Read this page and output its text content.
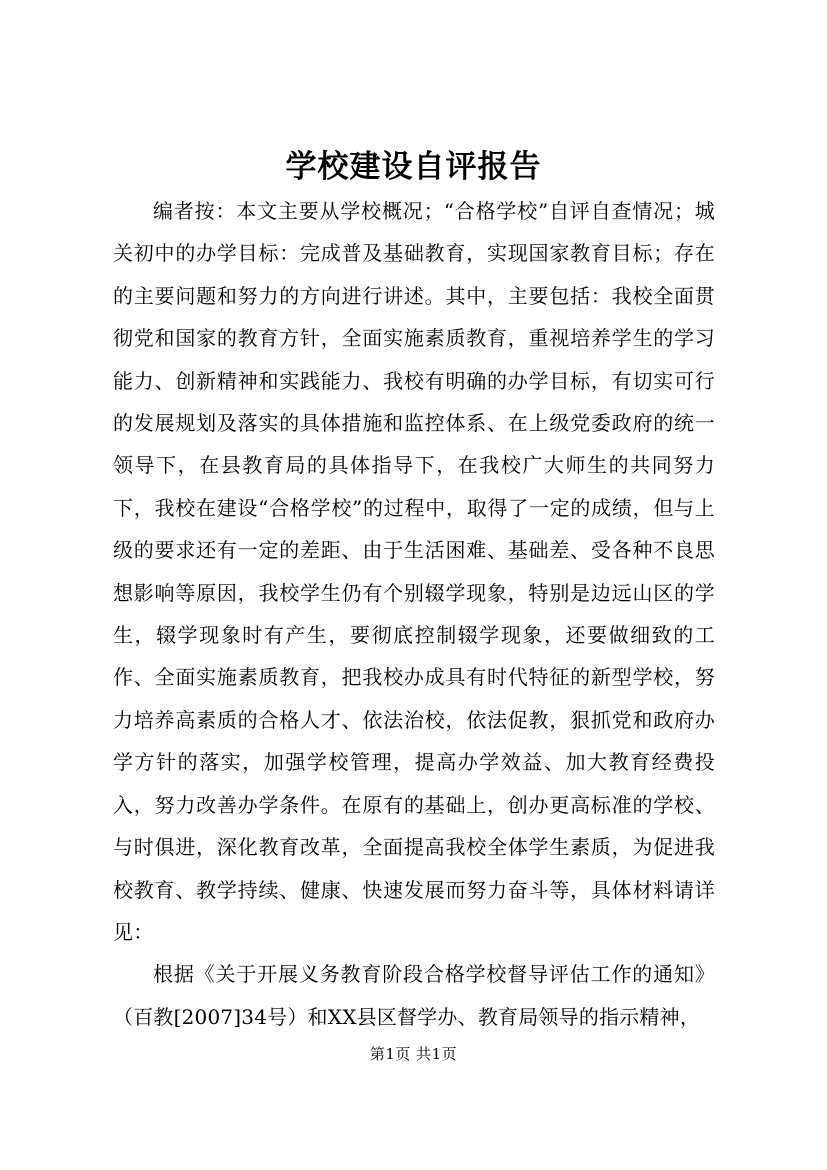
学校建设自评报告

编者按：本文主要从学校概况；“合格学校”自评自查情况；城关初中的办学目标：完成普及基础教育，实现国家教育目标；存在的主要问题和努力的方向进行讲述。其中，主要包括：我校全面贯彻党和国家的教育方针，全面实施素质教育，重视培养学生的学习能力、创新精神和实践能力、我校有明确的办学目标，有切实可行的发展规划及落实的具体措施和监控体系、在上级党委政府的统一领导下，在县教育局的具体指导下，在我校广大师生的共同努力下，我校在建设“合格学校”的过程中，取得了一定的成绩，但与上级的要求还有一定的差距、由于生活困难、基础差、受各种不良思想影响等原因，我校学生仍有个别辍学现象，特别是边远山区的学生，辍学现象时有产生，要彻底控制辍学现象，还要做细致的工作、全面实施素质教育，把我校办成具有时代特征的新型学校，努力培养高素质的合格人才、依法治校，依法促教，狠抓党和政府办学方针的落实，加强学校管理，提高办学效益、加大教育经费投入，努力改善办学条件。在原有的基础上，创办更高标准的学校、与时俱进，深化教育改革，全面提高我校全体学生素质，为促进我校教育、教学持续、健康、快速发展而努力奋斗等，具体材料请详见：

根据《关于开展义务教育阶段合格学校督导评估工作的通知》（百教[2007]34号）和XX县区督学办、教育局领导的指示精神，

第1页 共1页
